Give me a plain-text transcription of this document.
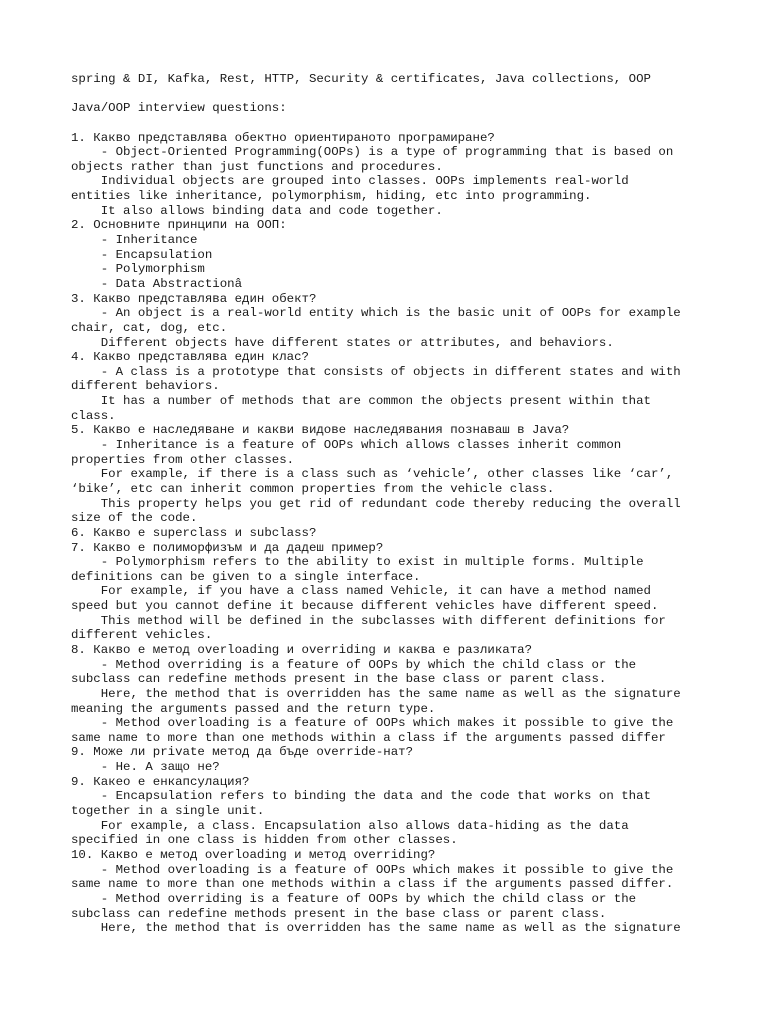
spring & DI, Kafka, Rest, HTTP, Security & certificates, Java collections, OOP
Java/OOP interview questions:
1. Какво представлява обектно ориентираното програмиране?
- Object-Oriented Programming(OOPs) is a type of programming that is based on
objects rather than just functions and procedures.
Individual objects are grouped into classes. OOPs implements real-world
entities like inheritance, polymorphism, hiding, etc into programming.
It also allows binding data and code together.
2. Основните принципи на ООП:
- Inheritance
- Encapsulation
- Polymorphism
- Data Abstractionâ
3. Какво представлява един обект?
- An object is a real-world entity which is the basic unit of OOPs for example
chair, cat, dog, etc.
Different objects have different states or attributes, and behaviors.
4. Какво представлява един клас?
- A class is a prototype that consists of objects in different states and with
different behaviors.
It has a number of methods that are common the objects present within that
class.
5. Какво е наследяване и какви видове наследявания познаваш в Java?
- Inheritance is a feature of OOPs which allows classes inherit common
properties from other classes.
For example, if there is a class such as ‘vehicle’, other classes like ‘car’,
‘bike’, etc can inherit common properties from the vehicle class.
This property helps you get rid of redundant code thereby reducing the overall
size of the code.
6. Какво е superclass и subclass?
7. Какво е полиморфизъм и да дадеш пример?
- Polymorphism refers to the ability to exist in multiple forms. Multiple
definitions can be given to a single interface.
For example, if you have a class named Vehicle, it can have a method named
speed but you cannot define it because different vehicles have different speed.
This method will be defined in the subclasses with different definitions for
different vehicles.
8. Какво е метод overloading и overriding и каква е разликата?
- Method overriding is a feature of OOPs by which the child class or the
subclass can redefine methods present in the base class or parent class.
Here, the method that is overridden has the same name as well as the signature
meaning the arguments passed and the return type.
- Method overloading is a feature of OOPs which makes it possible to give the
same name to more than one methods within a class if the arguments passed differ
9. Може ли private метод да бъде override-нат?
- Не. А защо не?
9. Какео е енкапсулация?
- Encapsulation refers to binding the data and the code that works on that
together in a single unit.
For example, a class. Encapsulation also allows data-hiding as the data
specified in one class is hidden from other classes.
10. Какво е метод overloading и метод overriding?
- Method overloading is a feature of OOPs which makes it possible to give the
same name to more than one methods within a class if the arguments passed differ.
- Method overriding is a feature of OOPs by which the child class or the
subclass can redefine methods present in the base class or parent class.
Here, the method that is overridden has the same name as well as the signature
